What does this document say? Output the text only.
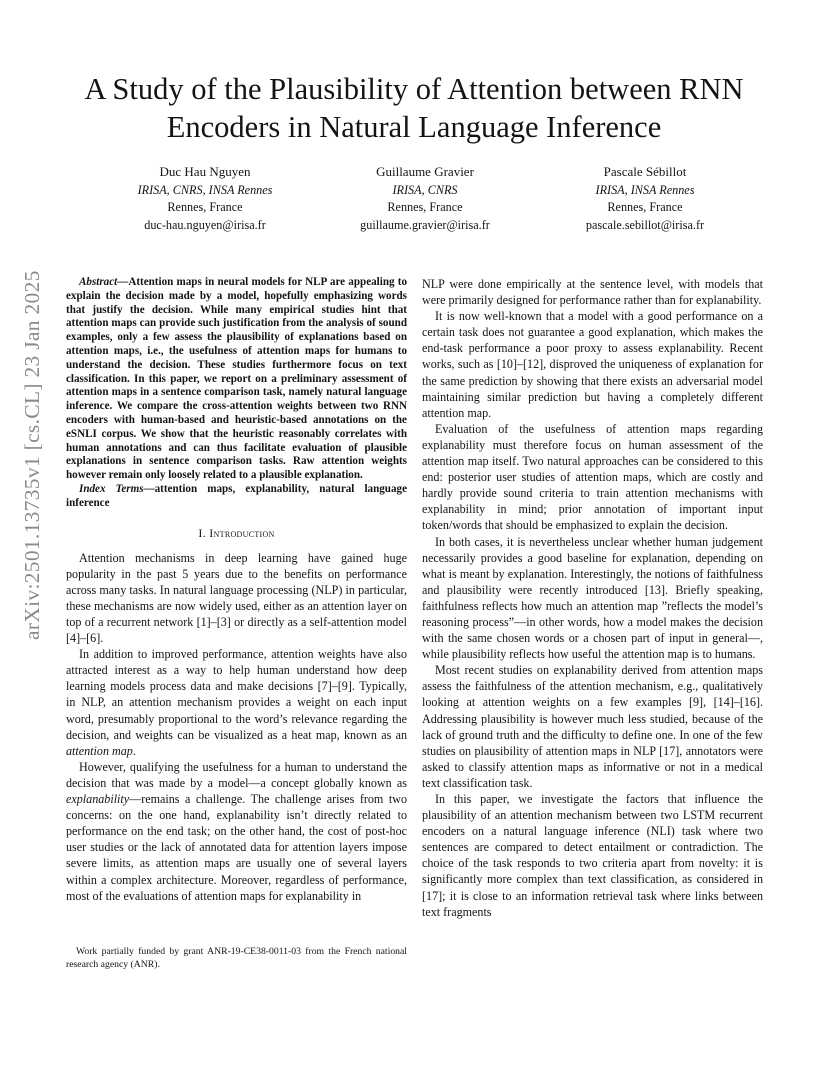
arXiv:2501.13735v1 [cs.CL] 23 Jan 2025
A Study of the Plausibility of Attention between RNN Encoders in Natural Language Inference
Duc Hau Nguyen
IRISA, CNRS, INSA Rennes
Rennes, France
duc-hau.nguyen@irisa.fr
Guillaume Gravier
IRISA, CNRS
Rennes, France
guillaume.gravier@irisa.fr
Pascale Sébillot
IRISA, INSA Rennes
Rennes, France
pascale.sebillot@irisa.fr

Abstract—Attention maps in neural models for NLP are appealing to explain the decision made by a model, hopefully emphasizing words that justify the decision. While many empirical studies hint that attention maps can provide such justification from the analysis of sound examples, only a few assess the plausibility of explanations based on attention maps, i.e., the usefulness of attention maps for humans to understand the decision. These studies furthermore focus on text classification. In this paper, we report on a preliminary assessment of attention maps in a sentence comparison task, namely natural language inference. We compare the cross-attention weights between two RNN encoders with human-based and heuristic-based annotations on the eSNLI corpus. We show that the heuristic reasonably correlates with human annotations and can thus facilitate evaluation of plausible explanations in sentence comparison tasks. Raw attention weights however remain only loosely related to a plausible explanation.

Index Terms—attention maps, explanability, natural language inference

I. Introduction

Attention mechanisms in deep learning have gained huge popularity in the past 5 years due to the benefits on performance across many tasks. In natural language processing (NLP) in particular, these mechanisms are now widely used, either as an attention layer on top of a recurrent network [1]–[3] or directly as a self-attention model [4]–[6].

In addition to improved performance, attention weights have also attracted interest as a way to help human understand how deep learning models process data and make decisions [7]–[9]. Typically, in NLP, an attention mechanism provides a weight on each input word, presumably proportional to the word’s relevance regarding the decision, and weights can be visualized as a heat map, known as an attention map.

However, qualifying the usefulness for a human to understand the decision that was made by a model—a concept globally known as explanability—remains a challenge. The challenge arises from two concerns: on the one hand, explanability isn’t directly related to performance on the end task; on the other hand, the cost of post-hoc user studies or the lack of annotated data for attention layers impose severe limits, as attention maps are usually one of several layers within a complex architecture. Moreover, regardless of performance, most of the evaluations of attention maps for explanability in

Work partially funded by grant ANR-19-CE38-0011-03 from the French national research agency (ANR).

NLP were done empirically at the sentence level, with models that were primarily designed for performance rather than for explanability.

It is now well-known that a model with a good performance on a certain task does not guarantee a good explanation, which makes the end-task performance a poor proxy to assess explanability. Recent works, such as [10]–[12], disproved the uniqueness of explanation for the same prediction by showing that there exists an adversarial model maintaining similar prediction but having a completely different attention map.

Evaluation of the usefulness of attention maps regarding explanability must therefore focus on human assessment of the attention map itself. Two natural approaches can be considered to this end: posterior user studies of attention maps, which are costly and hardly provide sound criteria to train attention mechanisms with explanability in mind; prior annotation of important input token/words that should be emphasized to explain the decision.

In both cases, it is nevertheless unclear whether human judgement necessarily provides a good baseline for explanation, depending on what is meant by explanation. Interestingly, the notions of faithfulness and plausibility were recently introduced [13]. Briefly speaking, faithfulness reflects how much an attention map ”reflects the model’s reasoning process”—in other words, how a model makes the decision with the same chosen words or a chosen part of input in general—, while plausibility reflects how useful the attention map is to humans.

Most recent studies on explanability derived from attention maps assess the faithfulness of the attention mechanism, e.g., qualitatively looking at attention weights on a few examples [9], [14]–[16]. Addressing plausibility is however much less studied, because of the lack of ground truth and the difficulty to define one. In one of the few studies on plausibility of attention maps in NLP [17], annotators were asked to classify attention maps as informative or not in a medical text classification task.

In this paper, we investigate the factors that influence the plausibility of an attention mechanism between two LSTM recurrent encoders on a natural language inference (NLI) task where two sentences are compared to detect entailment or contradiction. The choice of the task responds to two criteria apart from novelty: it is significantly more complex than text classification, as considered in [17]; it is close to an information retrieval task where links between text fragments
